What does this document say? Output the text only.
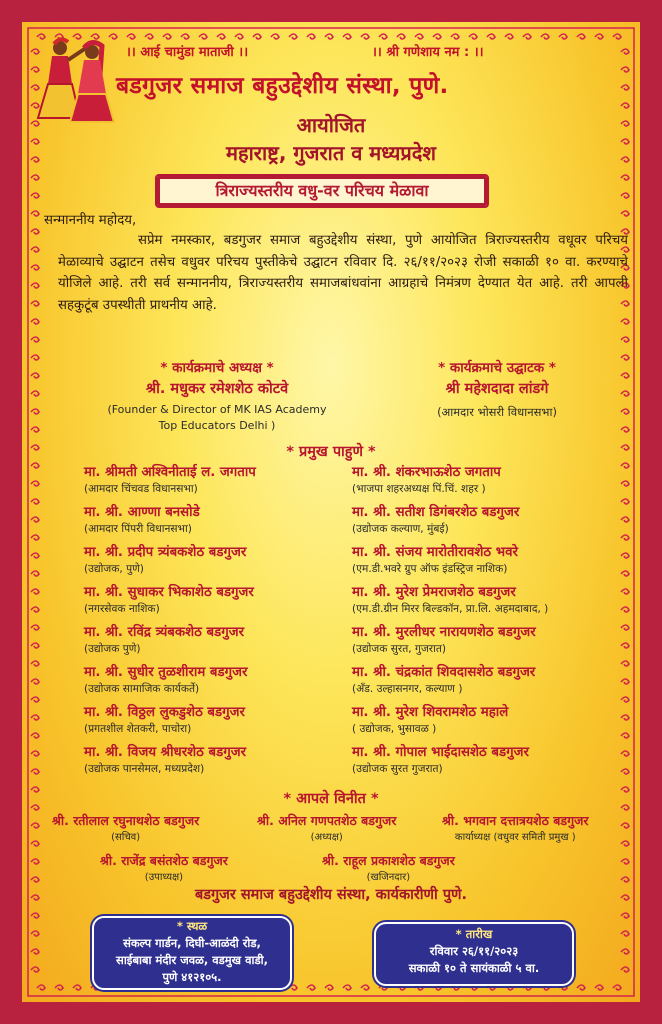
।। आई चामुंडा माताजी ।।	।। श्री गणेशाय नम : ।।
बडगुजर समाज बहुउद्देशीय संस्था, पुणे.
आयोजित
महाराष्ट्र, गुजरात व मध्यप्रदेश
त्रिराज्यस्तरीय वधु-वर परिचय मेळावा
सन्माननीय महोदय,
सप्रेम नमस्कार, बडगुजर समाज बहुउद्देशीय संस्था, पुणे आयोजित त्रिराज्यस्तरीय वधूवर परिचय मेळाव्याचे उद्घाटन तसेच वधुवर परिचय पुस्तीकेचे उद्घाटन रविवार दि. २६/११/२०२३ रोजी सकाळी १० वा. करण्याचे योजिले आहे. तरी सर्व सन्माननीय, त्रिराज्यस्तरीय समाजबांधवांना आग्रहाचे निमंत्रण देण्यात येत आहे. तरी आपली सहकुटूंब उपस्थीती प्राथनीय आहे.
* कार्यक्रमाचे अध्यक्ष *
श्री. मधुकर रमेशशेठ कोटवे
(Founder & Director of MK IAS Academy
Top Educators Delhi )
* कार्यक्रमाचे उद्घाटक *
श्री महेशदादा लांडगे
(आमदार भोसरी विधानसभा)
* प्रमुख पाहुणे *
मा. श्रीमती अश्विनीताई ल. जगताप
(आमदार चिंचवड विधानसभा)
मा. श्री. आण्णा बनसोडे
(आमदार पिंपरी विधानसभा)
मा. श्री. प्रदीप त्र्यंबकशेठ बडगुजर
(उद्योजक, पुणे)
मा. श्री. सुधाकर भिकाशेठ बडगुजर
(नगरसेवक नाशिक)
मा. श्री. रविंद्र त्र्यंबकशेठ बडगुजर
(उद्योजक पुणे)
मा. श्री. सुधीर तुळशीराम बडगुजर
(उद्योजक सामाजिक कार्यकर्ते)
मा. श्री. विठ्ठल लुकडुशेठ बडगुजर
(प्रगतशील शेतकरी, पाचोरा)
मा. श्री. विजय श्रीधरशेठ बडगुजर
(उद्योजक पानसेमल, मध्यप्रदेश)
मा. श्री. शंकरभाऊशेठ जगताप
(भाजपा शहरअध्यक्ष पिं.चिं. शहर )
मा. श्री. सतीश डिगंबरशेठ बडगुजर
(उद्योजक कल्याण, मुंबई)
मा. श्री. संजय मारोतीरावशेठ भवरे
(एम.डी.भवरे ग्रुप ऑफ इंडस्ट्रिज नाशिक)
मा. श्री. मुरेश प्रेमराजशेठ बडगुजर
(एम.डी.ग्रीन मिरर बिल्डकॉन, प्रा.लि. अहमदाबाद, )
मा. श्री. मुरलीधर नारायणशेठ बडगुजर
(उद्योजक सुरत, गुजरात)
मा. श्री. चंद्रकांत शिवदासशेठ बडगुजर
(अँड. उल्हासनगर, कल्याण )
मा. श्री. मुरेश शिवरामशेठ महाले
( उद्योजक, भुसावळ )
मा. श्री. गोपाल भाईदासशेठ बडगुजर
(उद्योजक सुरत गुजरात)
* आपले विनीत *
श्री. रतीलाल रघुनाथशेठ बडगुजर
(सचिव)
श्री. अनिल गणपतशेठ बडगुजर
(अध्यक्ष)
श्री. भगवान दत्तात्रयशेठ बडगुजर
कार्याध्यक्ष (वधुवर समिती प्रमुख )
श्री. राजेंद्र बसंतशेठ बडगुजर
(उपाध्यक्ष)
श्री. राहूल प्रकाशशेठ बडगुजर
(खजिनदार)
बडगुजर समाज बहुउद्देशीय संस्था, कार्यकारीणी पुणे.
* स्थळ
संकल्प गार्डन, दिघी-आळंदी रोड,
साईबाबा मंदीर जवळ, वडमुख वाडी,
पुणे ४१२१०५.
* तारीख
रविवार २६/११/२०२३
सकाळी १० ते सायंकाळी ५ वा.
